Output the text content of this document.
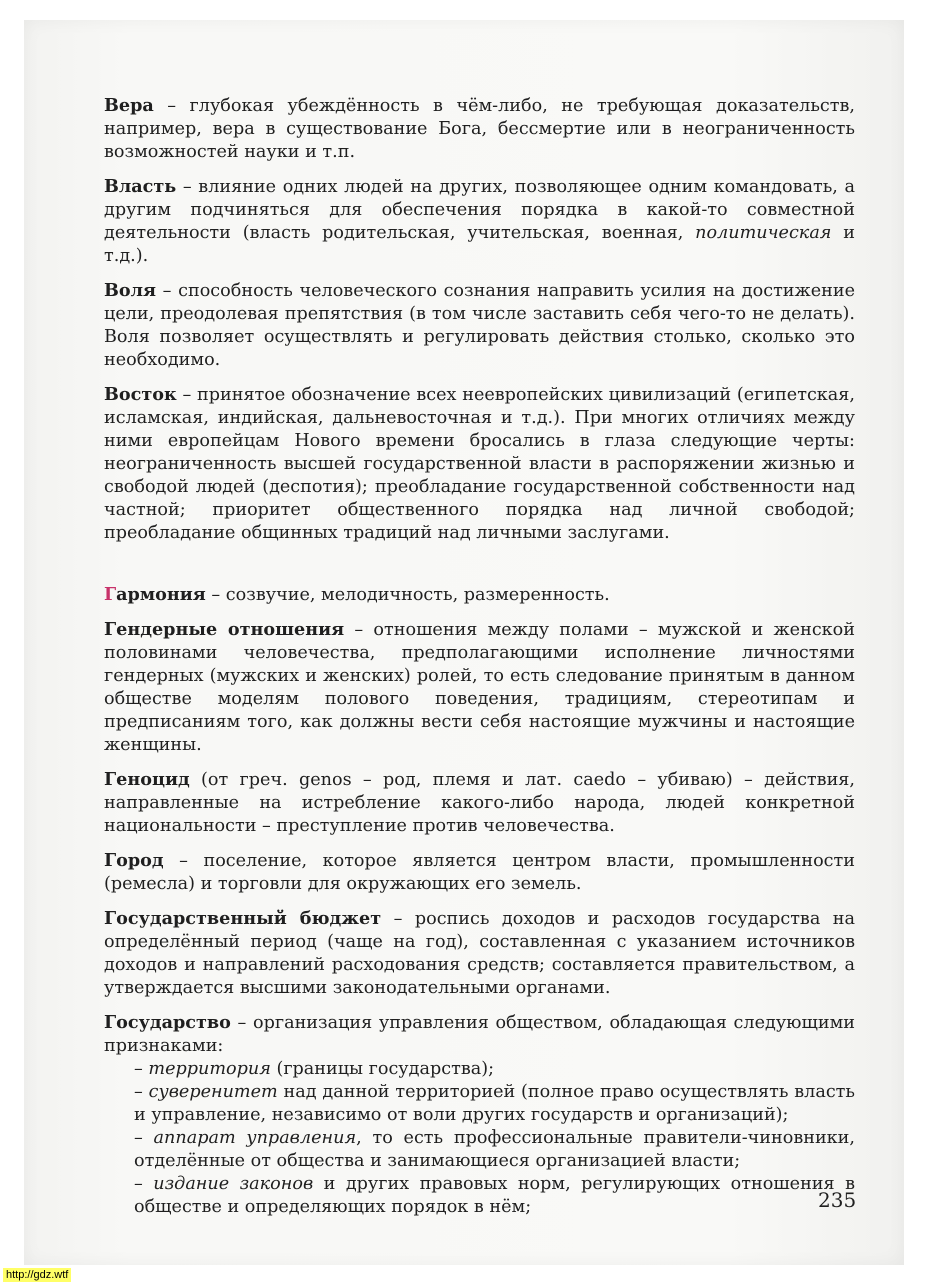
Вера – глубокая убеждённость в чём-либо, не требующая доказательств, например, вера в существование Бога, бессмертие или в неограниченность возможностей науки и т.п.

Власть – влияние одних людей на других, позволяющее одним командовать, а другим подчиняться для обеспечения порядка в какой-то совместной деятельности (власть родительская, учительская, военная, политическая и т.д.).

Воля – способность человеческого сознания направить усилия на достижение цели, преодолевая препятствия (в том числе заставить себя чего-то не делать). Воля позволяет осуществлять и регулировать действия столько, сколько это необходимо.

Восток – принятое обозначение всех неевропейских цивилизаций (египетская, исламская, индийская, дальневосточная и т.д.). При многих отличиях между ними европейцам Нового времени бросались в глаза следующие черты: неограниченность высшей государственной власти в распоряжении жизнью и свободой людей (деспотия); преобладание государственной собственности над частной; приоритет общественного порядка над личной свободой; преобладание общинных традиций над личными заслугами.

Гармония – созвучие, мелодичность, размеренность.

Гендерные отношения – отношения между полами – мужской и женской половинами человечества, предполагающими исполнение личностями гендерных (мужских и женских) ролей, то есть следование принятым в данном обществе моделям полового поведения, традициям, стереотипам и предписаниям того, как должны вести себя настоящие мужчины и настоящие женщины.

Геноцид (от греч. genos – род, племя и лат. caedo – убиваю) – действия, направленные на истребление какого-либо народа, людей конкретной национальности – преступление против человечества.

Город – поселение, которое является центром власти, промышленности (ремесла) и торговли для окружающих его земель.

Государственный бюджет – роспись доходов и расходов государства на определённый период (чаще на год), составленная с указанием источников доходов и направлений расходования средств; составляется правительством, а утверждается высшими законодательными органами.

Государство – организация управления обществом, обладающая следующими признаками:

– территория (границы государства);
– суверенитет над данной территорией (полное право осуществлять власть и управление, независимо от воли других государств и организаций);
– аппарат управления, то есть профессиональные правители-чиновники, отделённые от общества и занимающиеся организацией власти;
– издание законов и других правовых норм, регулирующих отношения в обществе и определяющих порядок в нём;	235
http://gdz.wtf
